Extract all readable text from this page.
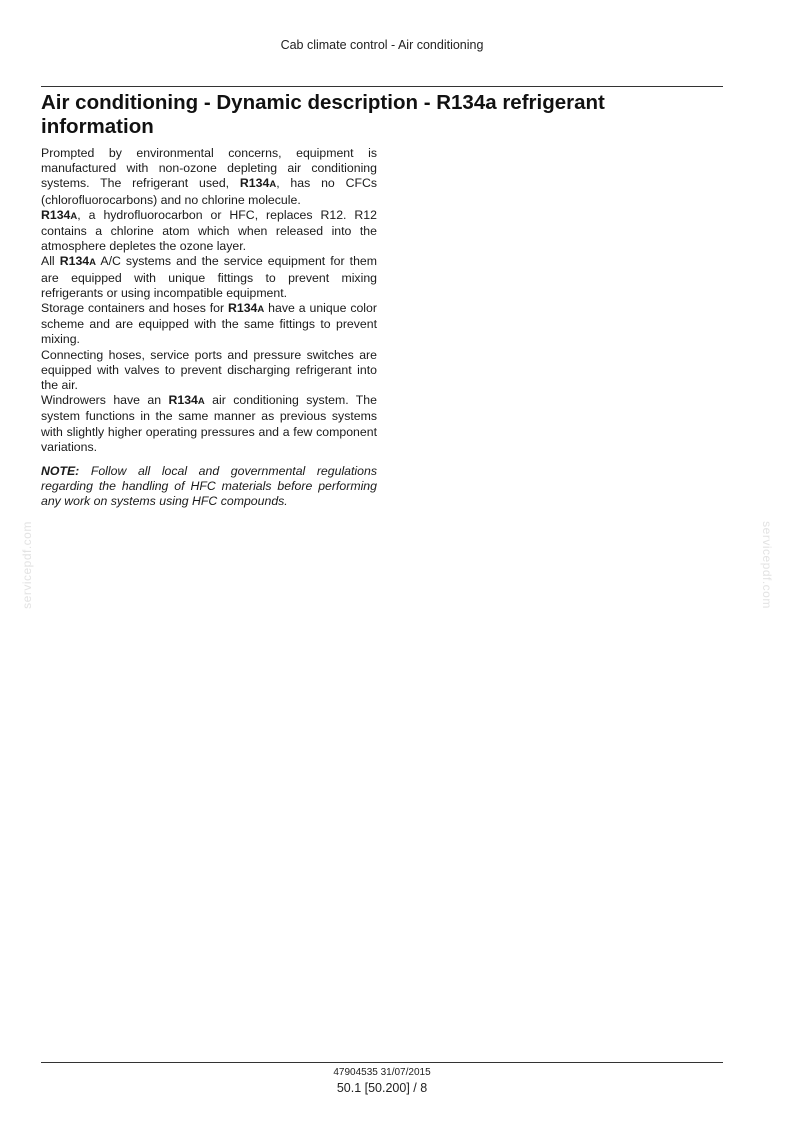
Cab climate control - Air conditioning
Air conditioning - Dynamic description - R134a refrigerant information

Prompted by environmental concerns, equipment is manufactured with non-ozone depleting air conditioning systems. The refrigerant used, R134A, has no CFCs (chlorofluorocarbons) and no chlorine molecule.

R134A, a hydrofluorocarbon or HFC, replaces R12. R12 contains a chlorine atom which when released into the atmosphere depletes the ozone layer.

All R134A A/C systems and the service equipment for them are equipped with unique fittings to prevent mixing refrigerants or using incompatible equipment.

Storage containers and hoses for R134A have a unique color scheme and are equipped with the same fittings to prevent mixing.

Connecting hoses, service ports and pressure switches are equipped with valves to prevent discharging refrigerant into the air.

Windrowers have an R134A air conditioning system. The system functions in the same manner as previous systems with slightly higher operating pressures and a few component variations.

NOTE: Follow all local and governmental regulations regarding the handling of HFC materials before performing any work on systems using HFC compounds.

servicepdf.com	servicepdf.com
47904535 31/07/2015
50.1 [50.200] / 8
